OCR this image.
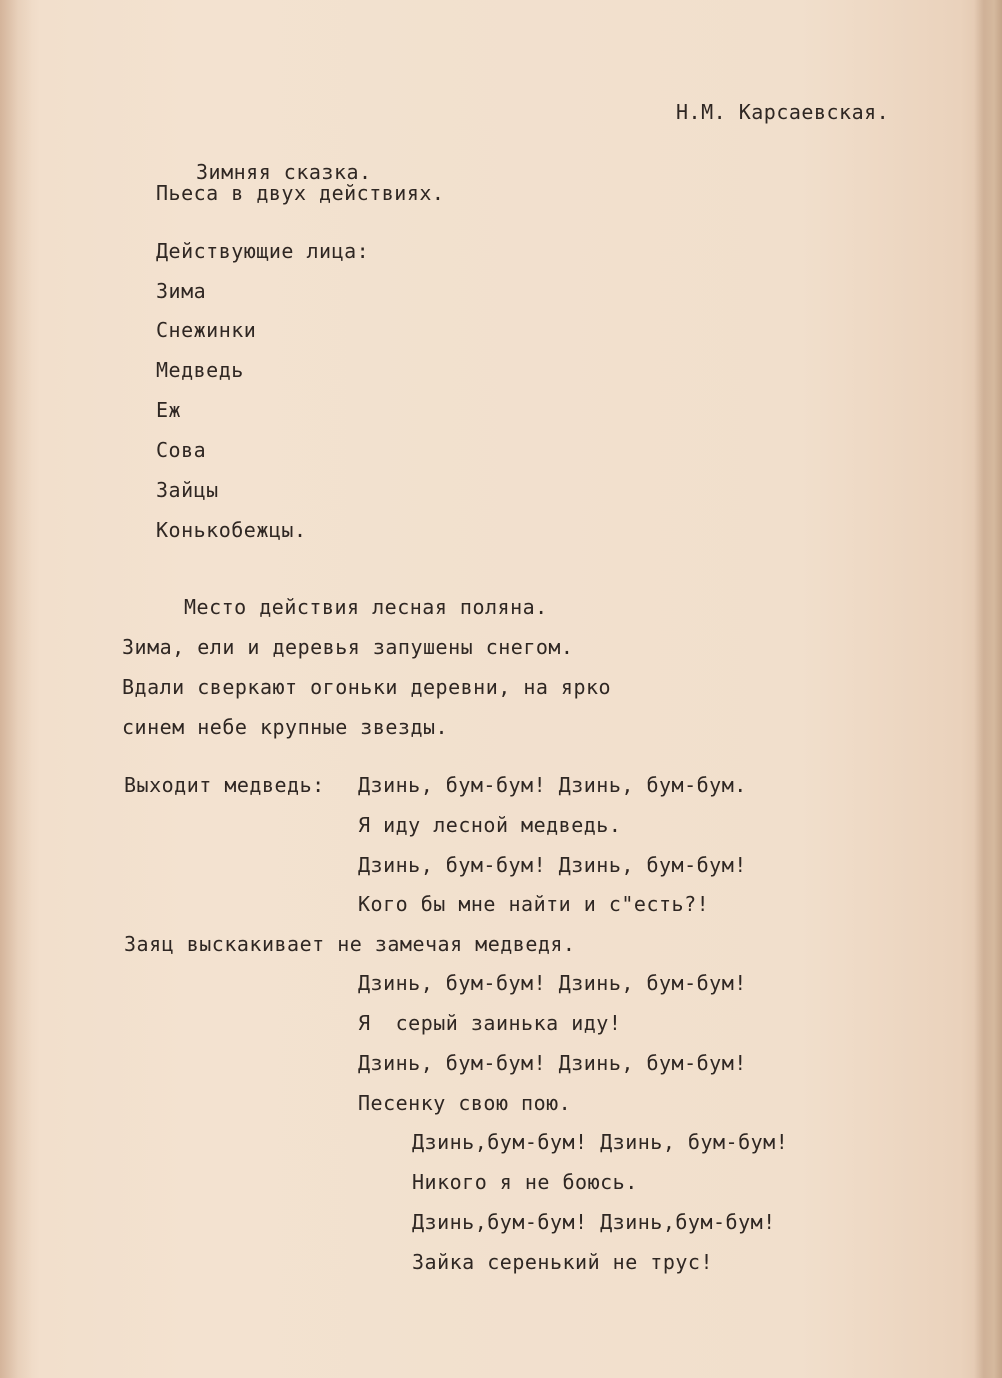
Н.М. Карсаевская.
Зимняя сказка.
Пьеса в двух действиях.
Действующие лица:
Зима
Снежинки
Медведь
Еж
Сова
Зайцы
Конькобежцы.
Место действия лесная поляна.
Зима, ели и деревья запушены снегом.
Вдали сверкают огоньки деревни, на ярко
синем небе крупные звезды.
Выходит медведь: Дзинь, бум-бум! Дзинь, бум-бум.
Я иду лесной медведь.
Дзинь, бум-бум! Дзинь, бум-бум!
Кого бы мне найти и с"есть?!
Заяц выскакивает не замечая медведя.
Дзинь, бум-бум! Дзинь, бум-бум!
Я  серый заинька иду!
Дзинь, бум-бум! Дзинь, бум-бум!
Песенку свою пою.
Дзинь,бум-бум! Дзинь, бум-бум!
Никого я не боюсь.
Дзинь,бум-бум! Дзинь,бум-бум!
Зайка серенький не трус!
